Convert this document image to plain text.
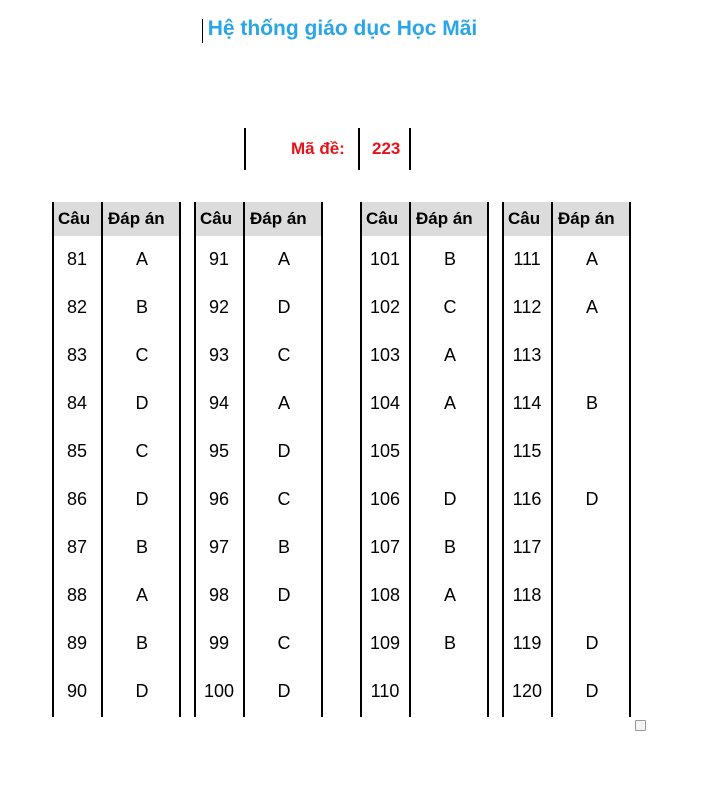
Hệ thống giáo dục Học Mãi
Mã đề: 223
Câu Đáp án
81	A
82	B
83	C
84	D
85	C
86	D
87	B
88	A
89	B
90	D
Câu Đáp án
91	A
92	D
93	C
94	A
95	D
96	C
97	B
98	D
99	C
100	D
Câu Đáp án
101	B
102	C
103	A
104	A
105
106	D
107	B
108	A
109	B
110
Câu Đáp án
111	A
112	A
113
114	B
115
116	D
117
118
119	D
120	D
